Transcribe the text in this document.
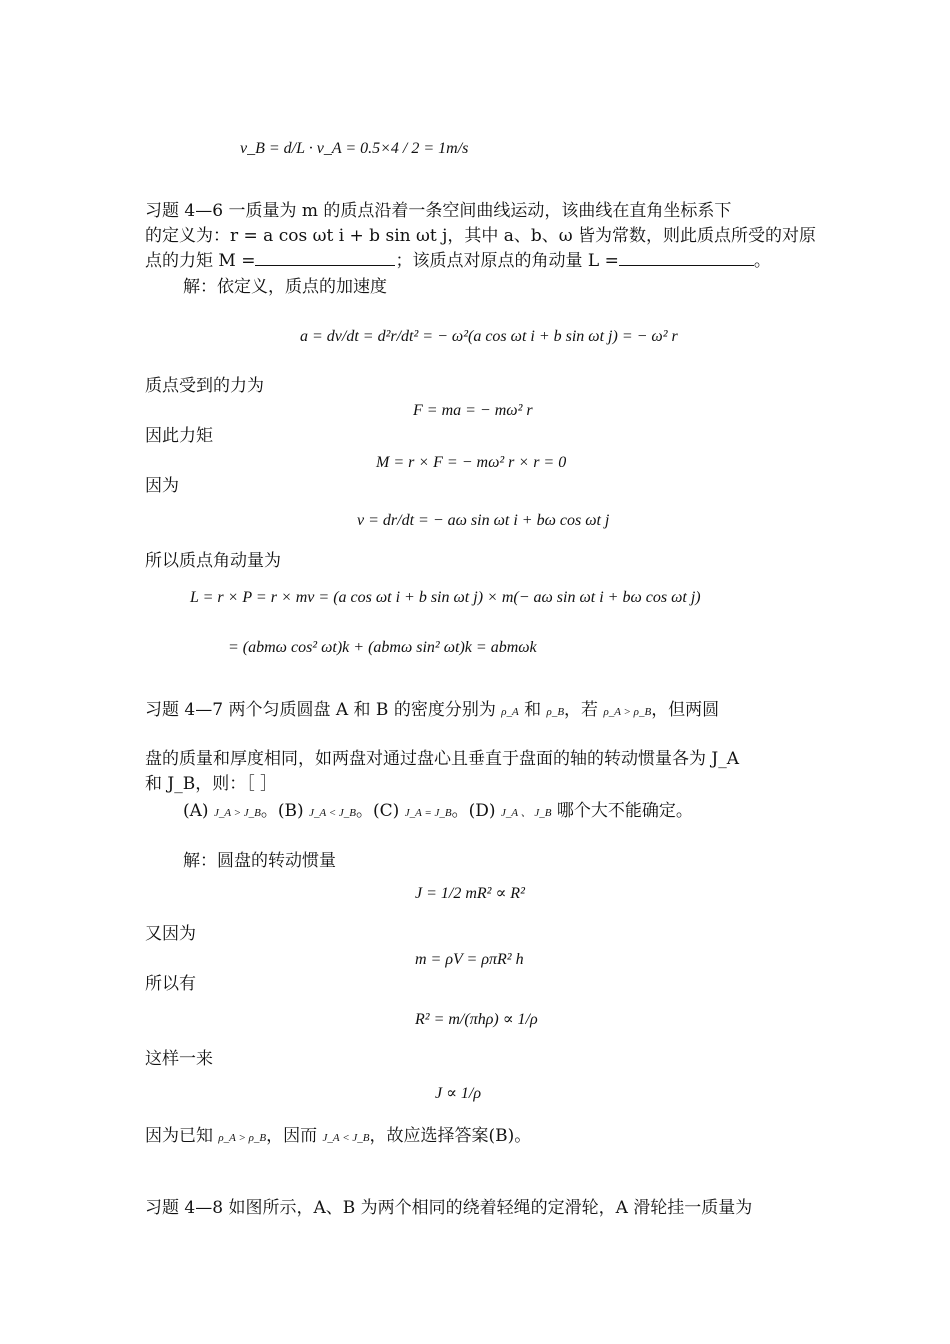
v_B = d/L · v_A = 0.5×4 / 2 = 1m/s
习题 4—6 一质量为 m 的质点沿着一条空间曲线运动，该曲线在直角坐标系下
的定义为：r = a cos ωt i + b sin ωt j，其中 a、b、ω 皆为常数，则此质点所受的对原
点的力矩 M =	；该质点对原点的角动量 L =	。
解：依定义，质点的加速度
a = dv/dt = d²r/dt² = − ω²(a cos ωt i + b sin ωt j) = − ω² r
质点受到的力为
F = ma = − mω² r
因此力矩
M = r × F = − mω² r × r = 0
因为
v = dr/dt = − aω sin ωt i + bω cos ωt j
所以质点角动量为
L = r × P = r × mv = (a cos ωt i + b sin ωt j) × m(− aω sin ωt i + bω cos ωt j)
= (abmω cos² ωt)k + (abmω sin² ωt)k = abmωk
习题 4—7 两个匀质圆盘 A 和 B 的密度分别为 ρ_A 和 ρ_B，若 ρ_A > ρ_B，但两圆
盘的质量和厚度相同，如两盘对通过盘心且垂直于盘面的轴的转动惯量各为 J_A
和 J_B，则：［ ］
(A) J_A > J_B。(B) J_A < J_B。(C) J_A = J_B。(D) J_A 、 J_B 哪个大不能确定。
解：圆盘的转动惯量
J = 1/2 mR² ∝ R²
又因为
m = ρV = ρπR² h
所以有
R² = m/(πhρ) ∝ 1/ρ
这样一来
J ∝ 1/ρ
因为已知 ρ_A > ρ_B，因而 J_A < J_B，故应选择答案(B)。
习题 4—8 如图所示，A、B 为两个相同的绕着轻绳的定滑轮，A 滑轮挂一质量为
